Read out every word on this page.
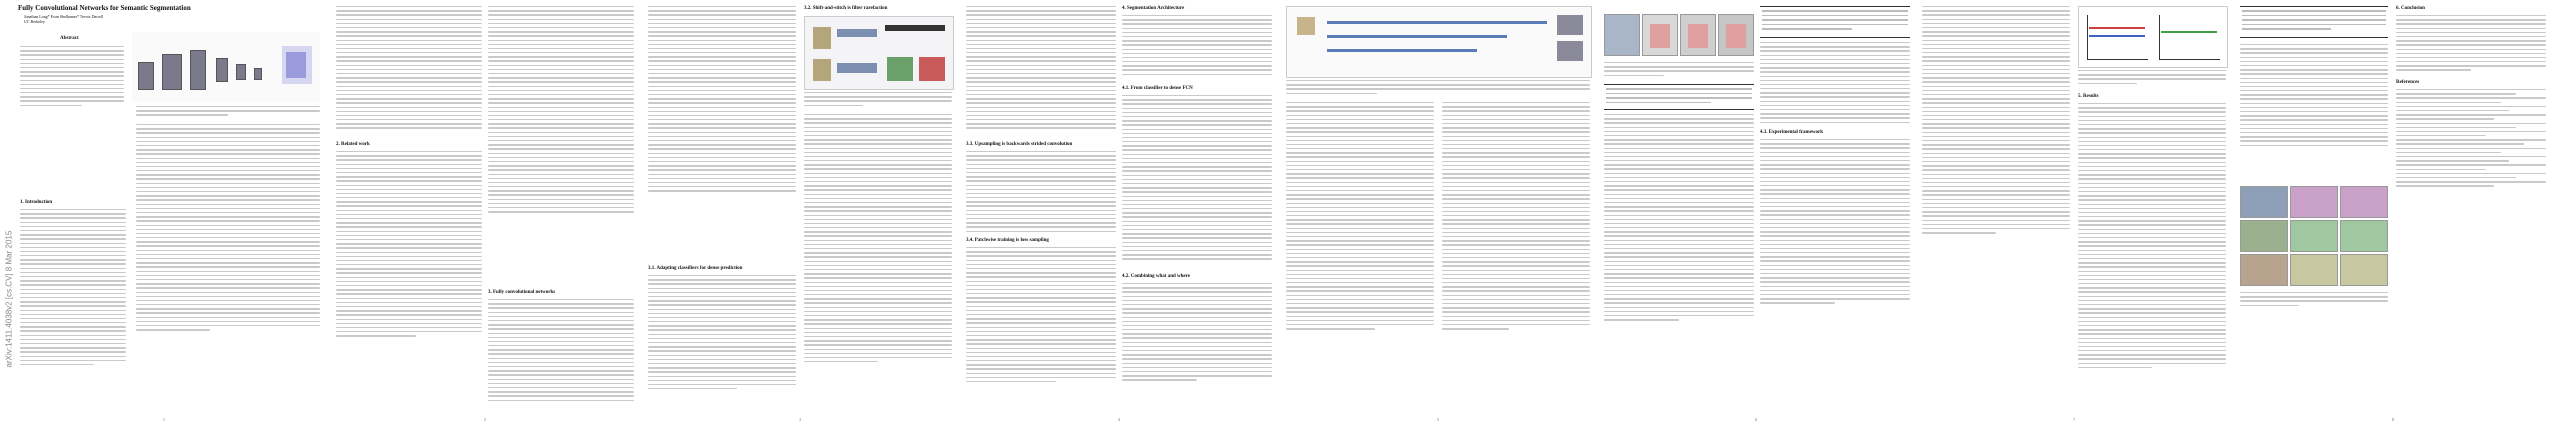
arXiv:1411.4038v2 [cs.CV] 8 Mar 2015
Fully Convolutional Networks for Semantic Segmentation
Jonathan Long* Evan Shelhamer* Trevor Darrell
UC Berkeley
Abstract
1. Introduction
1
2. Related work
3. Fully convolutional networks
2
3.1. Adapting classifiers for dense prediction
3.2. Shift-and-stitch is filter rarefaction
3
3.3. Upsampling is backwards strided convolution
3.4. Patchwise training is loss sampling
4. Segmentation Architecture
4.1. From classifier to dense FCN
4.2. Combining what and where
4	5
4.3. Experimental framework
6
5. Results
7
6. Conclusion
References
8
